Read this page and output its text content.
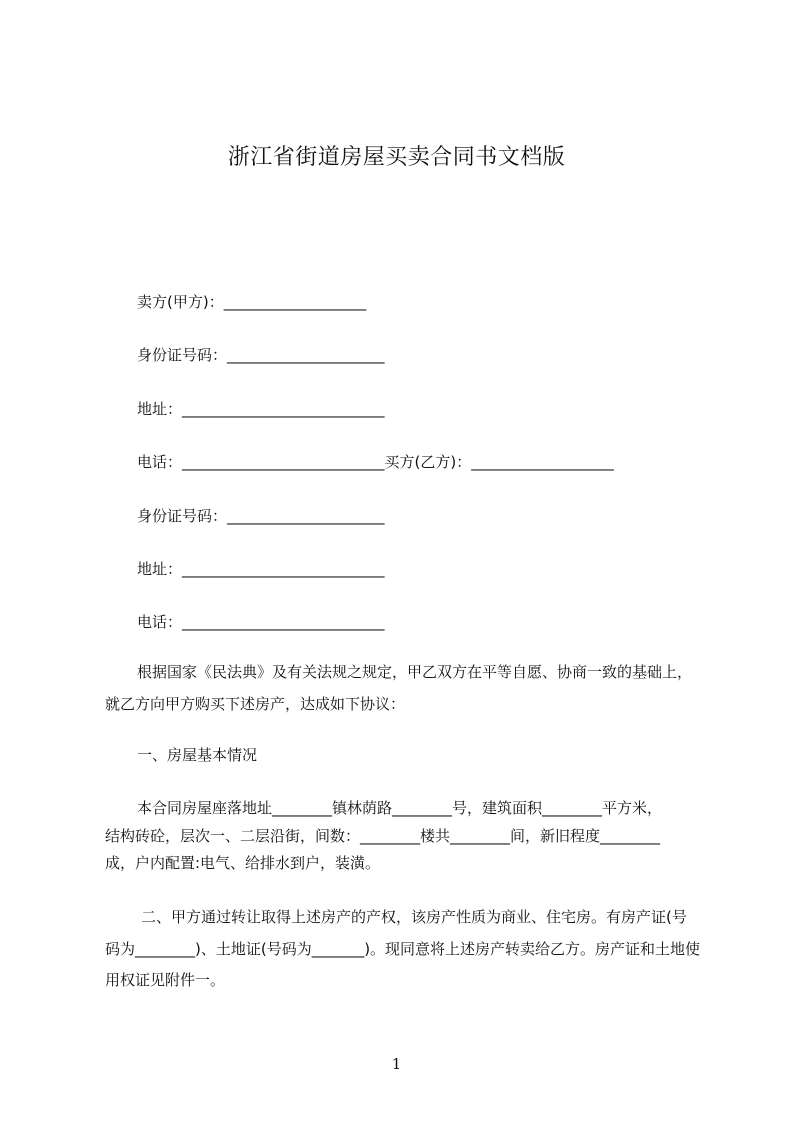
浙江省街道房屋买卖合同书文档版
卖方(甲方)：___________________
身份证号码：_____________________
地址：___________________________
电话：___________________________买方(乙方)：___________________
身份证号码：_____________________
地址：___________________________
电话：___________________________

根据国家《民法典》及有关法规之规定，甲乙双方在平等自愿、协商一致的基础上，就乙方向甲方购买下述房产，达成如下协议：

一、房屋基本情况
本合同房屋座落地址________镇林荫路________号，建筑面积________平方米，
结构砖砼，层次一、二层沿街，间数：________楼共________间，新旧程度________
成，户内配置:电气、给排水到户，装潢。

二、甲方通过转让取得上述房产的产权，该房产性质为商业、住宅房。有房产证(号码为________)、土地证(号码为_______)。现同意将上述房产转卖给乙方。房产证和土地使用权证见附件一。

1
